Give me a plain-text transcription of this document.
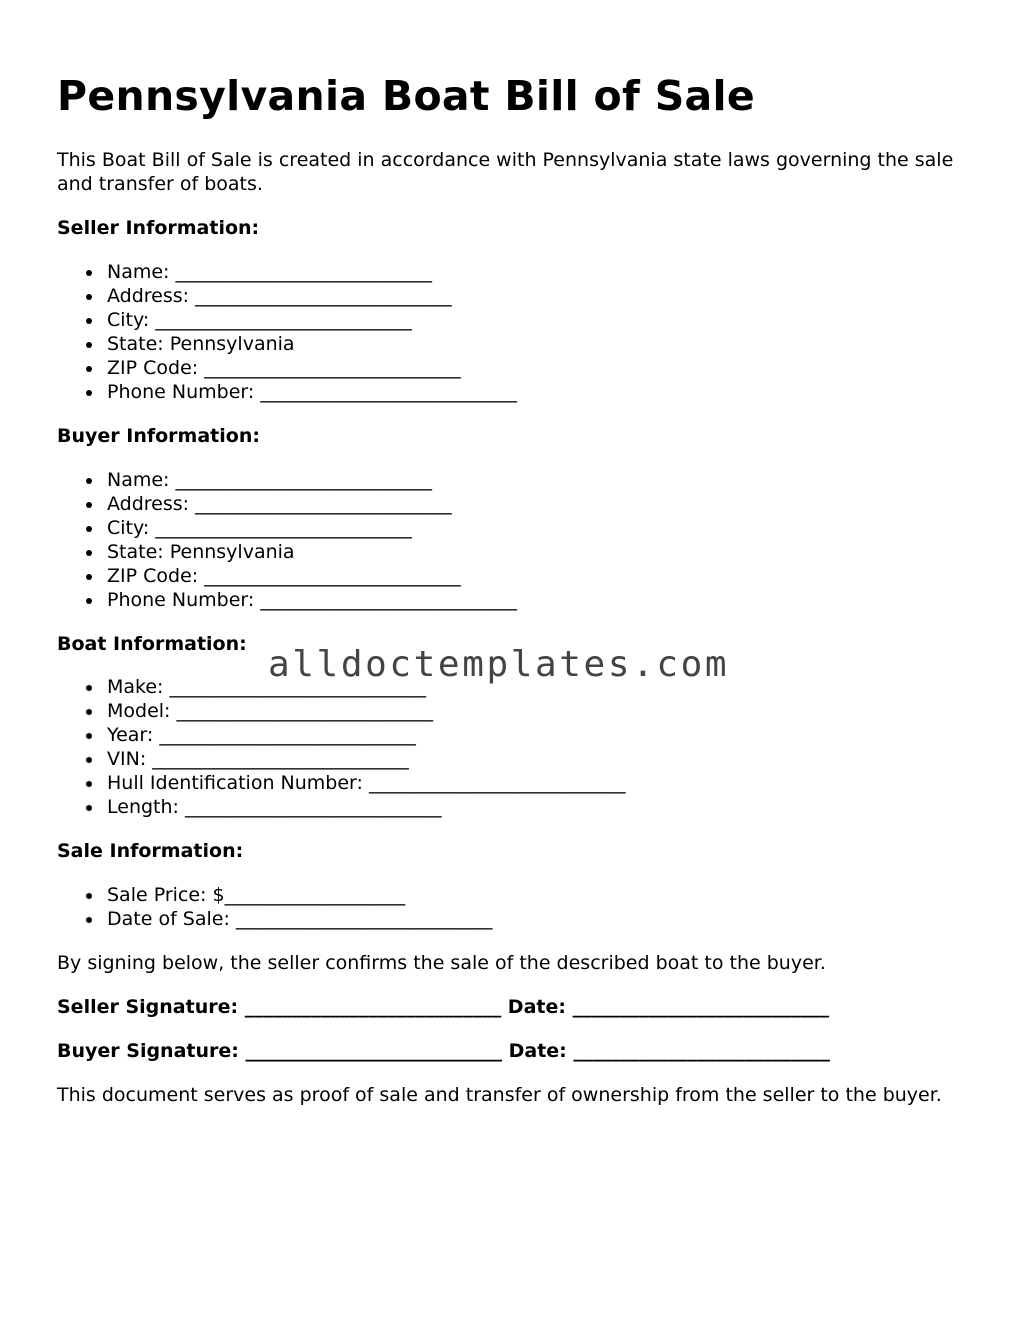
Pennsylvania Boat Bill of Sale

This Boat Bill of Sale is created in accordance with Pennsylvania state laws governing the sale and transfer of boats.

Seller Information:

Name: ___________________________
Address: ___________________________
City: ___________________________
State: Pennsylvania
ZIP Code: ___________________________
Phone Number: ___________________________

Buyer Information:

Name: ___________________________
Address: ___________________________
City: ___________________________
State: Pennsylvania
ZIP Code: ___________________________
Phone Number: ___________________________

Boat Information:

Make: ___________________________
Model: ___________________________
Year: ___________________________
VIN: ___________________________
Hull Identification Number: ___________________________
Length: ___________________________

Sale Information:

Sale Price: $___________________
Date of Sale: ___________________________

By signing below, the seller confirms the sale of the described boat to the buyer.

Seller Signature: ___________________________ Date: ___________________________

Buyer Signature: ___________________________ Date: ___________________________

This document serves as proof of sale and transfer of ownership from the seller to the buyer.

alldoctemplates.com
